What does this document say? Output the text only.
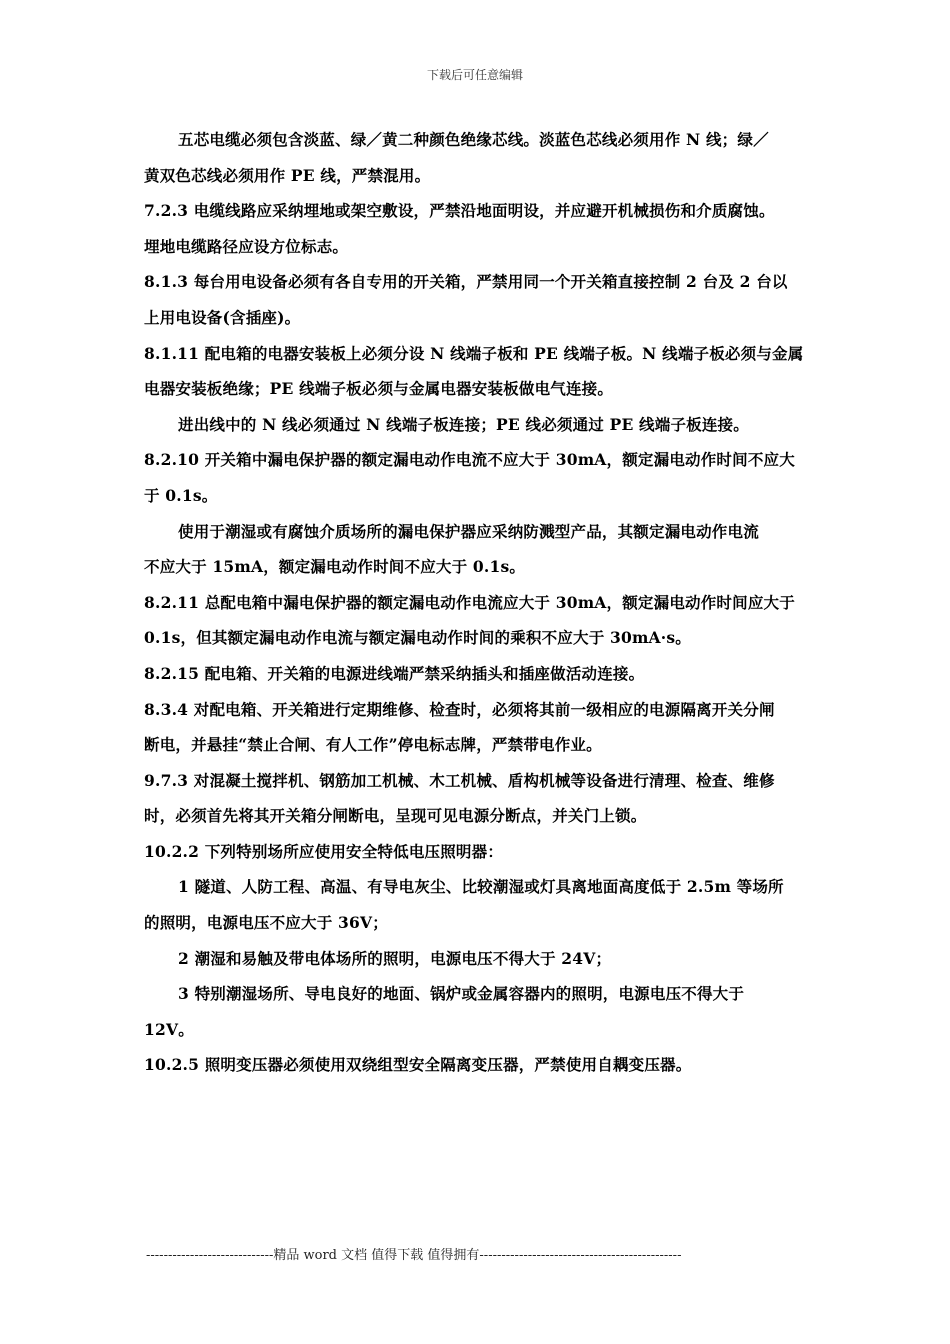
下载后可任意编辑
五芯电缆必须包含淡蓝、绿／黄二种颜色绝缘芯线。淡蓝色芯线必须用作 N 线；绿／
黄双色芯线必须用作 PE 线，严禁混用。
7.2.3 电缆线路应采纳埋地或架空敷设，严禁沿地面明设，并应避开机械损伤和介质腐蚀。
埋地电缆路径应设方位标志。
8.1.3 每台用电设备必须有各自专用的开关箱，严禁用同一个开关箱直接控制 2 台及 2 台以
上用电设备(含插座)。
8.1.11 配电箱的电器安装板上必须分设 N 线端子板和 PE 线端子板。N 线端子板必须与金属
电器安装板绝缘；PE 线端子板必须与金属电器安装板做电气连接。
进出线中的 N 线必须通过 N 线端子板连接；PE 线必须通过 PE 线端子板连接。
8.2.10 开关箱中漏电保护器的额定漏电动作电流不应大于 30mA，额定漏电动作时间不应大
于 0.1s。
使用于潮湿或有腐蚀介质场所的漏电保护器应采纳防溅型产品，其额定漏电动作电流
不应大于 15mA，额定漏电动作时间不应大于 0.1s。
8.2.11 总配电箱中漏电保护器的额定漏电动作电流应大于 30mA，额定漏电动作时间应大于
0.1s，但其额定漏电动作电流与额定漏电动作时间的乘积不应大于 30mA·s。
8.2.15 配电箱、开关箱的电源进线端严禁采纳插头和插座做活动连接。
8.3.4 对配电箱、开关箱进行定期维修、检查时，必须将其前一级相应的电源隔离开关分闸
断电，并悬挂“禁止合闸、有人工作”停电标志牌，严禁带电作业。
9.7.3 对混凝土搅拌机、钢筋加工机械、木工机械、盾构机械等设备进行清理、检查、维修
时，必须首先将其开关箱分闸断电，呈现可见电源分断点，并关门上锁。
10.2.2 下列特别场所应使用安全特低电压照明器：
1 隧道、人防工程、高温、有导电灰尘、比较潮湿或灯具离地面高度低于 2.5m 等场所
的照明，电源电压不应大于 36V；
2 潮湿和易触及带电体场所的照明，电源电压不得大于 24V；
3 特别潮湿场所、导电良好的地面、锅炉或金属容器内的照明，电源电压不得大于
12V。
10.2.5 照明变压器必须使用双绕组型安全隔离变压器，严禁使用自耦变压器。
-----------------------------精品 word 文档 值得下载 值得拥有----------------------------------------------
